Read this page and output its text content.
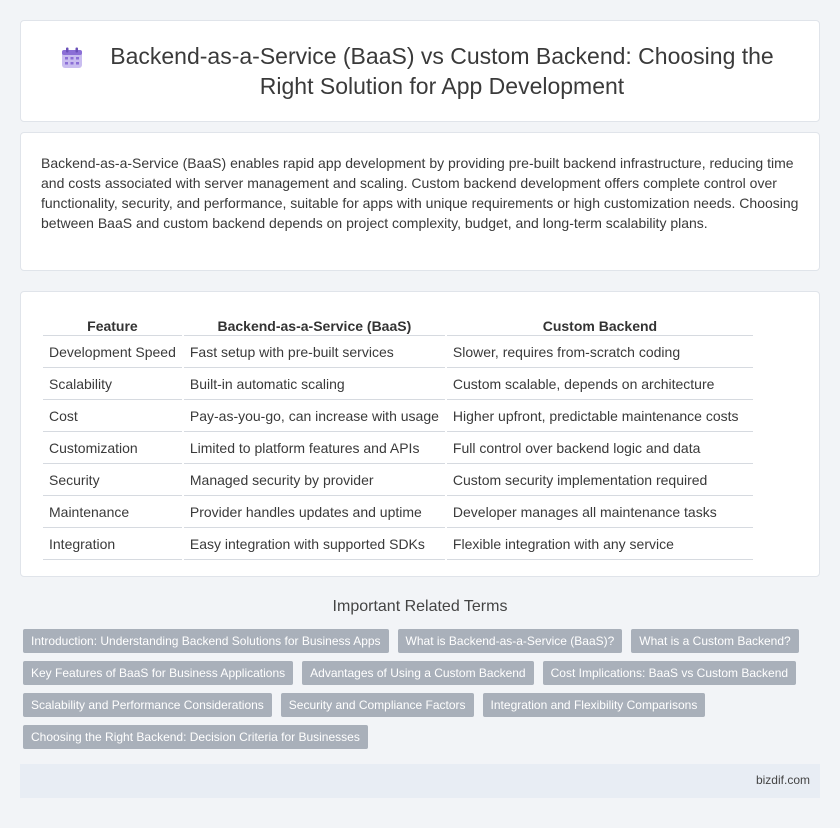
Backend-as-a-Service (BaaS) vs Custom Backend: Choosing the Right Solution for App Development

Backend-as-a-Service (BaaS) enables rapid app development by providing pre-built backend infrastructure, reducing time and costs associated with server management and scaling. Custom backend development offers complete control over functionality, security, and performance, suitable for apps with unique requirements or high customization needs. Choosing between BaaS and custom backend depends on project complexity, budget, and long-term scalability plans.

Feature	Backend-as-a-Service (BaaS)	Custom Backend
Development Speed	Fast setup with pre-built services	Slower, requires from-scratch coding
Scalability	Built-in automatic scaling	Custom scalable, depends on architecture
Cost	Pay-as-you-go, can increase with usage	Higher upfront, predictable maintenance costs
Customization	Limited to platform features and APIs	Full control over backend logic and data
Security	Managed security by provider	Custom security implementation required
Maintenance	Provider handles updates and uptime	Developer manages all maintenance tasks
Integration	Easy integration with supported SDKs	Flexible integration with any service
Important Related Terms
Introduction: Understanding Backend Solutions for Business Apps	What is Backend-as-a-Service (BaaS)?	What is a Custom Backend?
Key Features of BaaS for Business Applications	Advantages of Using a Custom Backend	Cost Implications: BaaS vs Custom Backend
Scalability and Performance Considerations	Security and Compliance Factors	Integration and Flexibility Comparisons
Choosing the Right Backend: Decision Criteria for Businesses
bizdif.com
